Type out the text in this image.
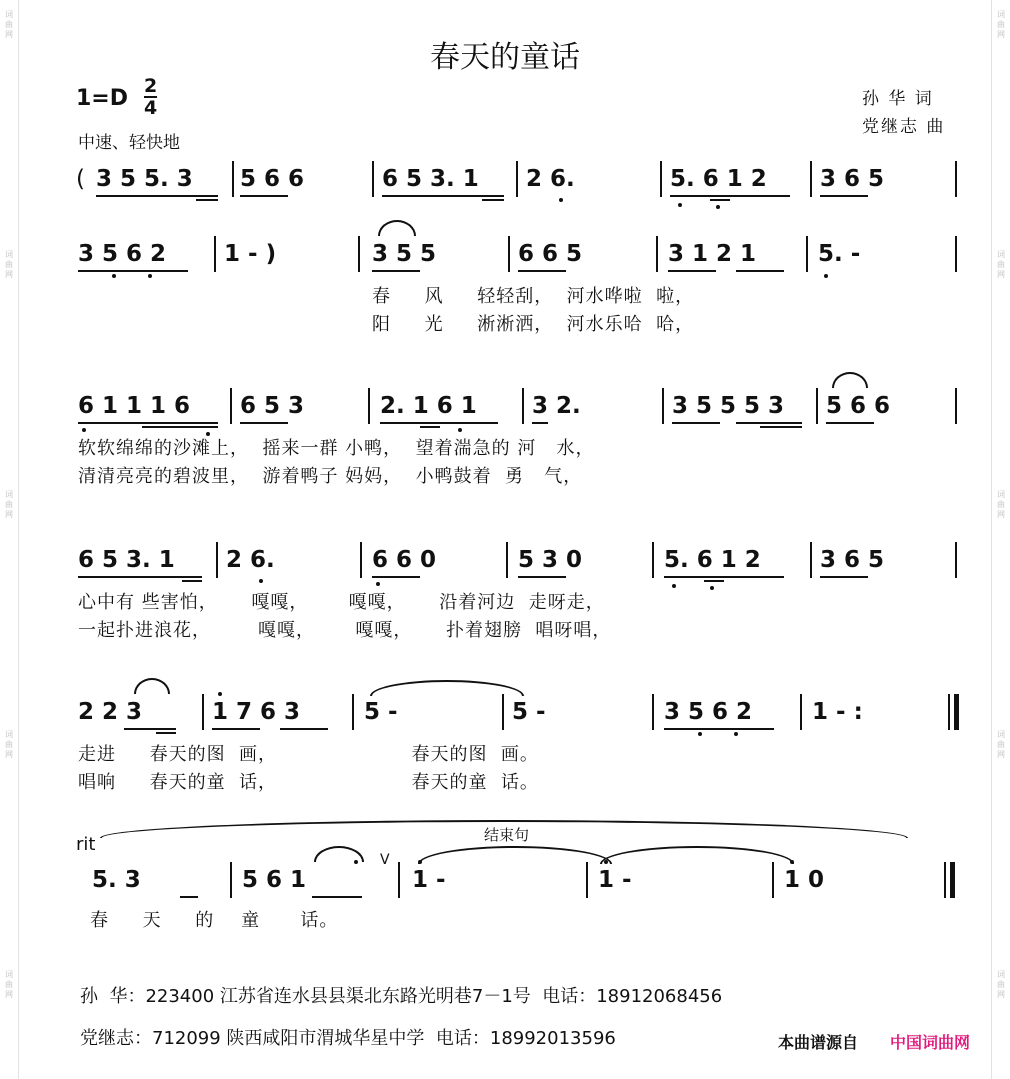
词曲网
词曲网
词曲网
词曲网
词曲网
词曲网
词曲网
词曲网
词曲网
词曲网
春天的童话
$1=D \frac{2}{4}$
中速、轻快地
孙 华 词
党继志 曲
( 3 5 5. 3 5 6 6	6 5 3. 1 2 6.	5. 6 1 2 3 6 5
3 5 6 2	1 - )	3 5 5	6 6 5	3 1 2 1	5. -
春     风     轻轻刮，  河水哗啦  啦，
阳     光     淅淅洒，  河水乐哈  哈，
6 1 1 1 6 6 5 3	2. 1 6 1 3 2.	3 5 5 5 3 5 6 6
软软绵绵的沙滩上，  摇来一群 小鸭，  望着湍急的 河   水，
清清亮亮的碧波里，  游着鸭子 妈妈，  小鸭鼓着  勇   气，
6 5 3. 1 2 6.	6 6 0	5 3 0	5. 6 1 2	3 6 5
心中有 些害怕，     嘎嘎，      嘎嘎，     沿着河边  走呀走，
一起扑进浪花，       嘎嘎，      嘎嘎，     扑着翅膀  唱呀唱，
2 2 3	1 7 6 3	5 -	5 -	3 5 6 2	1 - :
走进     春天的图  画，                    春天的图  画。
唱响     春天的童  话，                    春天的童  话。
rit	结束句
V
5. 3	5 6 1	1 -	1 -	1 0
春     天     的    童      话。
孙  华：223400 江苏省连水县县渠北东路光明巷7－1号  电话：18912068456
党继志：712099 陕西咸阳市渭城华星中学  电话：18992013596	本曲谱源自 中国词曲网
